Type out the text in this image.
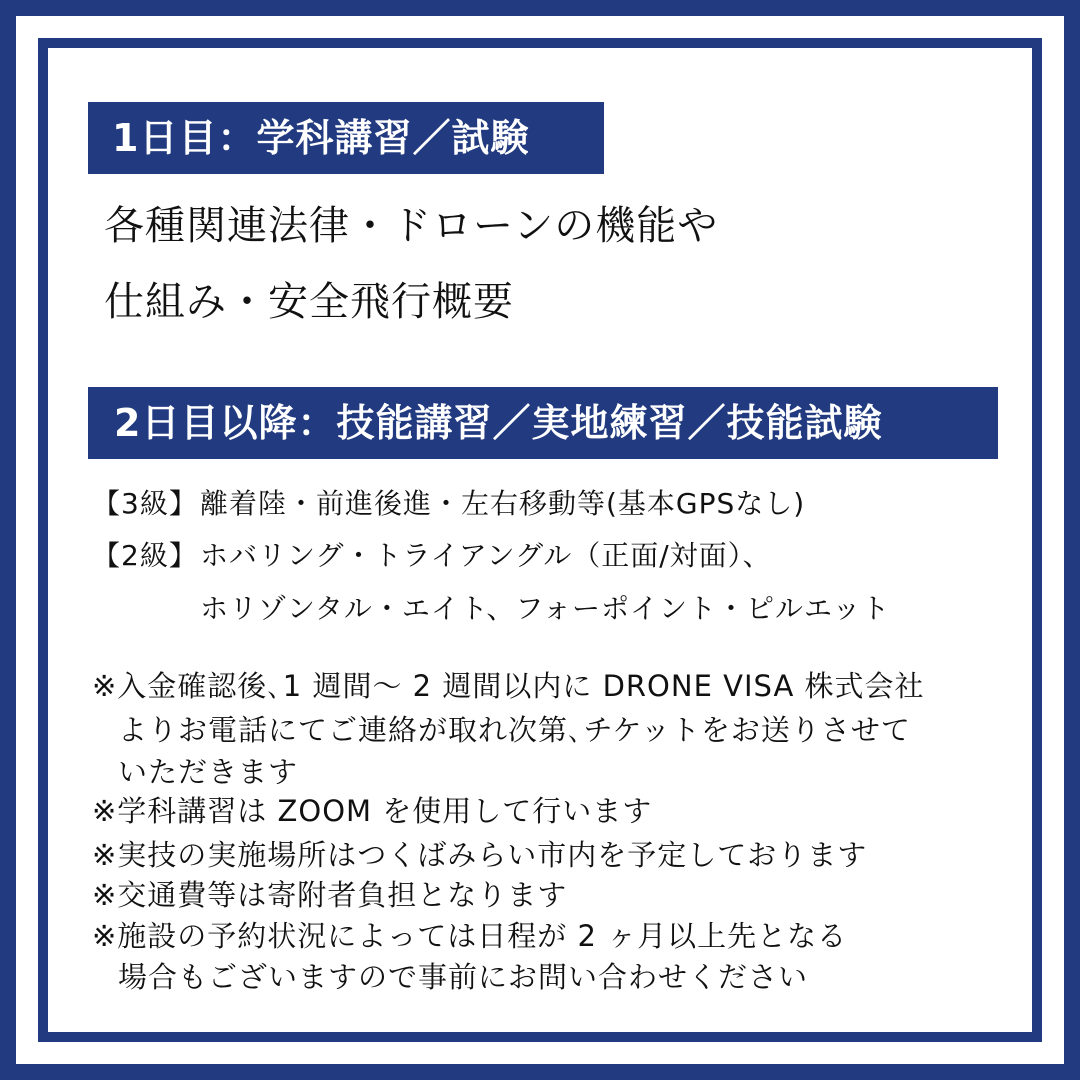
1日目：学科講習／試験
各種関連法律・ドローンの機能や
仕組み・安全飛行概要
2日目以降：技能講習／実地練習／技能試験
【3級】 離着陸・前進後進・左右移動等(基本GPSなし)
【2級】 ホバリング・トライアングル（正面/対面）、
ホリゾンタル・エイト、フォーポイント・ピルエット
※入金確認後､1 週間～ 2 週間以内に DRONE VISA 株式会社
よりお電話にてご連絡が取れ次第､チケットをお送りさせて
いただきます
※学科講習は ZOOM を使用して行います
※実技の実施場所はつくばみらい市内を予定しております
※交通費等は寄附者負担となります
※施設の予約状況によっては日程が 2 ヶ月以上先となる
場合もございますので事前にお問い合わせください
